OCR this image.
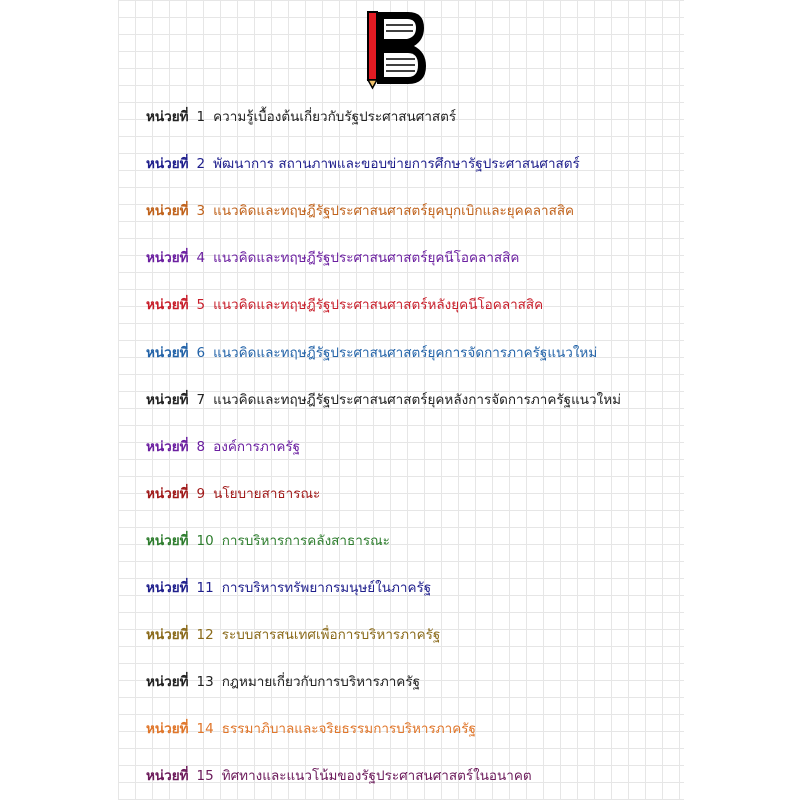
หน่วยที่ 1 ความรู้เบื้องต้นเกี่ยวกับรัฐประศาสนศาสตร์
หน่วยที่ 2 พัฒนาการ สถานภาพและขอบข่ายการศึกษารัฐประศาสนศาสตร์
หน่วยที่ 3 แนวคิดและทฤษฎีรัฐประศาสนศาสตร์ยุคบุกเบิกและยุคคลาสสิค
หน่วยที่ 4 แนวคิดและทฤษฎีรัฐประศาสนศาสตร์ยุคนีโอคลาสสิค
หน่วยที่ 5 แนวคิดและทฤษฎีรัฐประศาสนศาสตร์หลังยุคนีโอคลาสสิค
หน่วยที่ 6 แนวคิดและทฤษฎีรัฐประศาสนศาสตร์ยุคการจัดการภาครัฐแนวใหม่
หน่วยที่ 7 แนวคิดและทฤษฎีรัฐประศาสนศาสตร์ยุคหลังการจัดการภาครัฐแนวใหม่
หน่วยที่ 8 องค์การภาครัฐ
หน่วยที่ 9 นโยบายสาธารณะ
หน่วยที่ 10 การบริหารการคลังสาธารณะ
หน่วยที่ 11 การบริหารทรัพยากรมนุษย์ในภาครัฐ
หน่วยที่ 12 ระบบสารสนเทศเพื่อการบริหารภาครัฐ
หน่วยที่ 13 กฎหมายเกี่ยวกับการบริหารภาครัฐ
หน่วยที่ 14 ธรรมาภิบาลและจริยธรรมการบริหารภาครัฐ
หน่วยที่ 15 ทิศทางและแนวโน้มของรัฐประศาสนศาสตร์ในอนาคต
